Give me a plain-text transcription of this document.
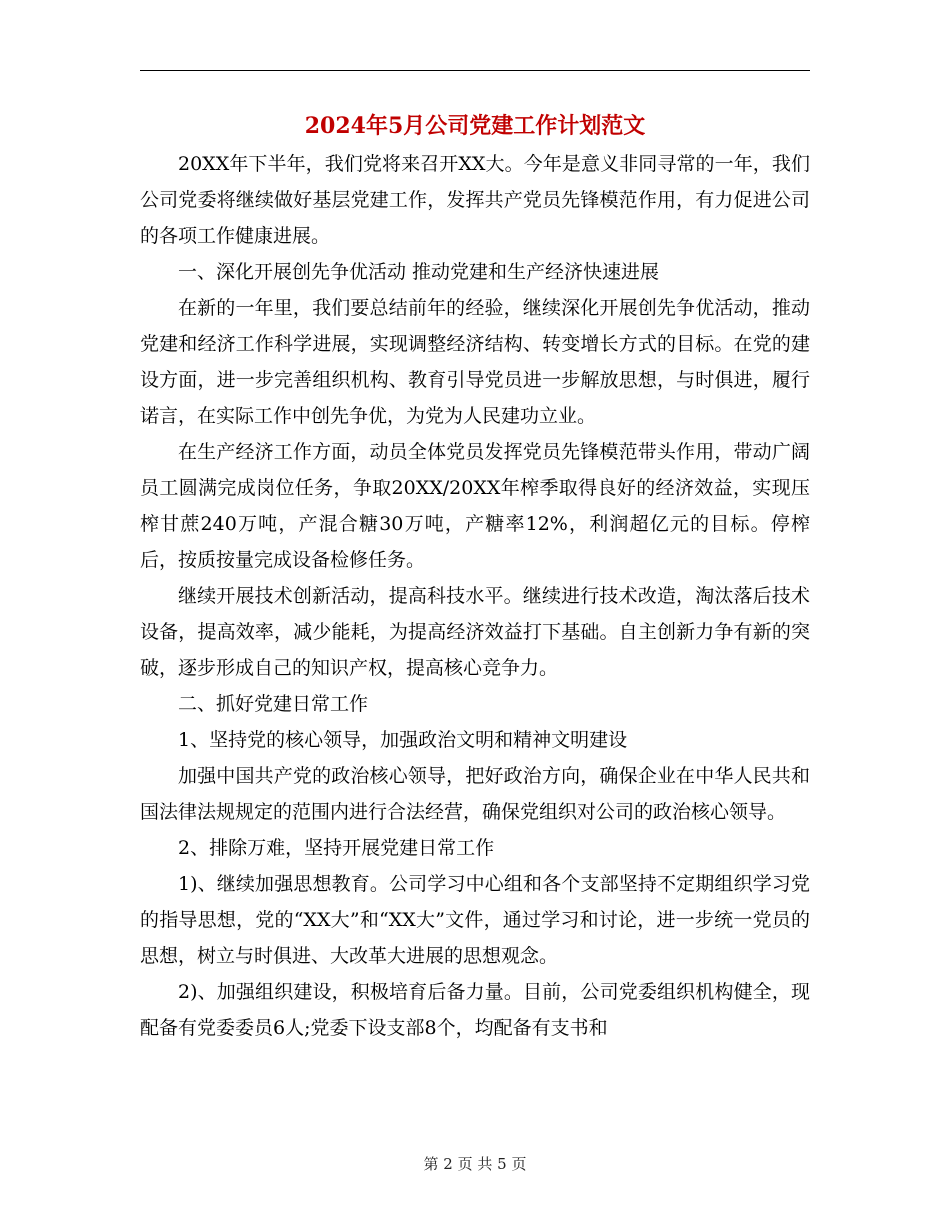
2024年5月公司党建工作计划范文

20XX年下半年，我们党将来召开XX大。今年是意义非同寻常的一年，我们公司党委将继续做好基层党建工作，发挥共产党员先锋模范作用，有力促进公司的各项工作健康进展。

一、深化开展创先争优活动 推动党建和生产经济快速进展

在新的一年里，我们要总结前年的经验，继续深化开展创先争优活动，推动党建和经济工作科学进展，实现调整经济结构、转变增长方式的目标。在党的建设方面，进一步完善组织机构、教育引导党员进一步解放思想，与时俱进，履行诺言，在实际工作中创先争优，为党为人民建功立业。

在生产经济工作方面，动员全体党员发挥党员先锋模范带头作用，带动广阔员工圆满完成岗位任务，争取20XX/20XX年榨季取得良好的经济效益，实现压榨甘蔗240万吨，产混合糖30万吨，产糖率12%，利润超亿元的目标。停榨后，按质按量完成设备检修任务。

继续开展技术创新活动，提高科技水平。继续进行技术改造，淘汰落后技术设备，提高效率，减少能耗，为提高经济效益打下基础。自主创新力争有新的突破，逐步形成自己的知识产权，提高核心竞争力。

二、抓好党建日常工作

1、坚持党的核心领导，加强政治文明和精神文明建设

加强中国共产党的政治核心领导，把好政治方向，确保企业在中华人民共和国法律法规规定的范围内进行合法经营，确保党组织对公司的政治核心领导。

2、排除万难，坚持开展党建日常工作

1)、继续加强思想教育。公司学习中心组和各个支部坚持不定期组织学习党的指导思想，党的“XX大”和“XX大”文件，通过学习和讨论，进一步统一党员的思想，树立与时俱进、大改革大进展的思想观念。

2)、加强组织建设，积极培育后备力量。目前，公司党委组织机构健全，现配备有党委委员6人;党委下设支部8个，均配备有支书和

第 2 页 共 5 页
